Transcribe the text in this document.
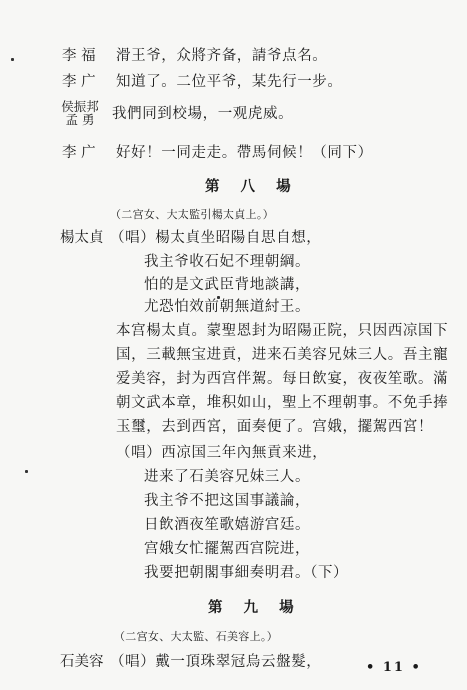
李 福 滑王爷，众將齐备，請爷点名。
李 广 知道了。二位平爷，某先行一步。
侯振邦
孟 勇	我們同到校場，一观虎威。
李 广 好好！一同走走。帶馬伺候！（同下）
第 八 場
（二宫女、大太監引楊太貞上。）
楊太貞 （唱）楊太貞坐昭陽自思自想，
我主爷收石妃不理朝綱。
怕的是文武臣背地談講，
尤恐怕效前朝無道紂王。
本宫楊太貞。蒙聖恩封为昭陽正院，只因西凉国下
国，三載無宝进貢，进来石美容兄妹三人。吾主寵
爱美容，封为西宫伴駕。每日飲宴，夜夜笙歌。滿
朝文武本章，堆积如山，聖上不理朝事。不免手捧
玉璽，去到西宮，面奏便了。宫娥，擺駕西宮！
（唱）西凉国三年內無貢来进，
进来了石美容兄妹三人。
我主爷不把这国事議論，
日飲酒夜笙歌嬉游宫廷。
宫娥女忙擺駕西宫院进，
我要把朝閣事細奏明君。（下）
第 九 場
（二宫女、大太監、石美容上。）
石美容 （唱）戴一頂珠翠冠烏云盤髮，	• 11 •
